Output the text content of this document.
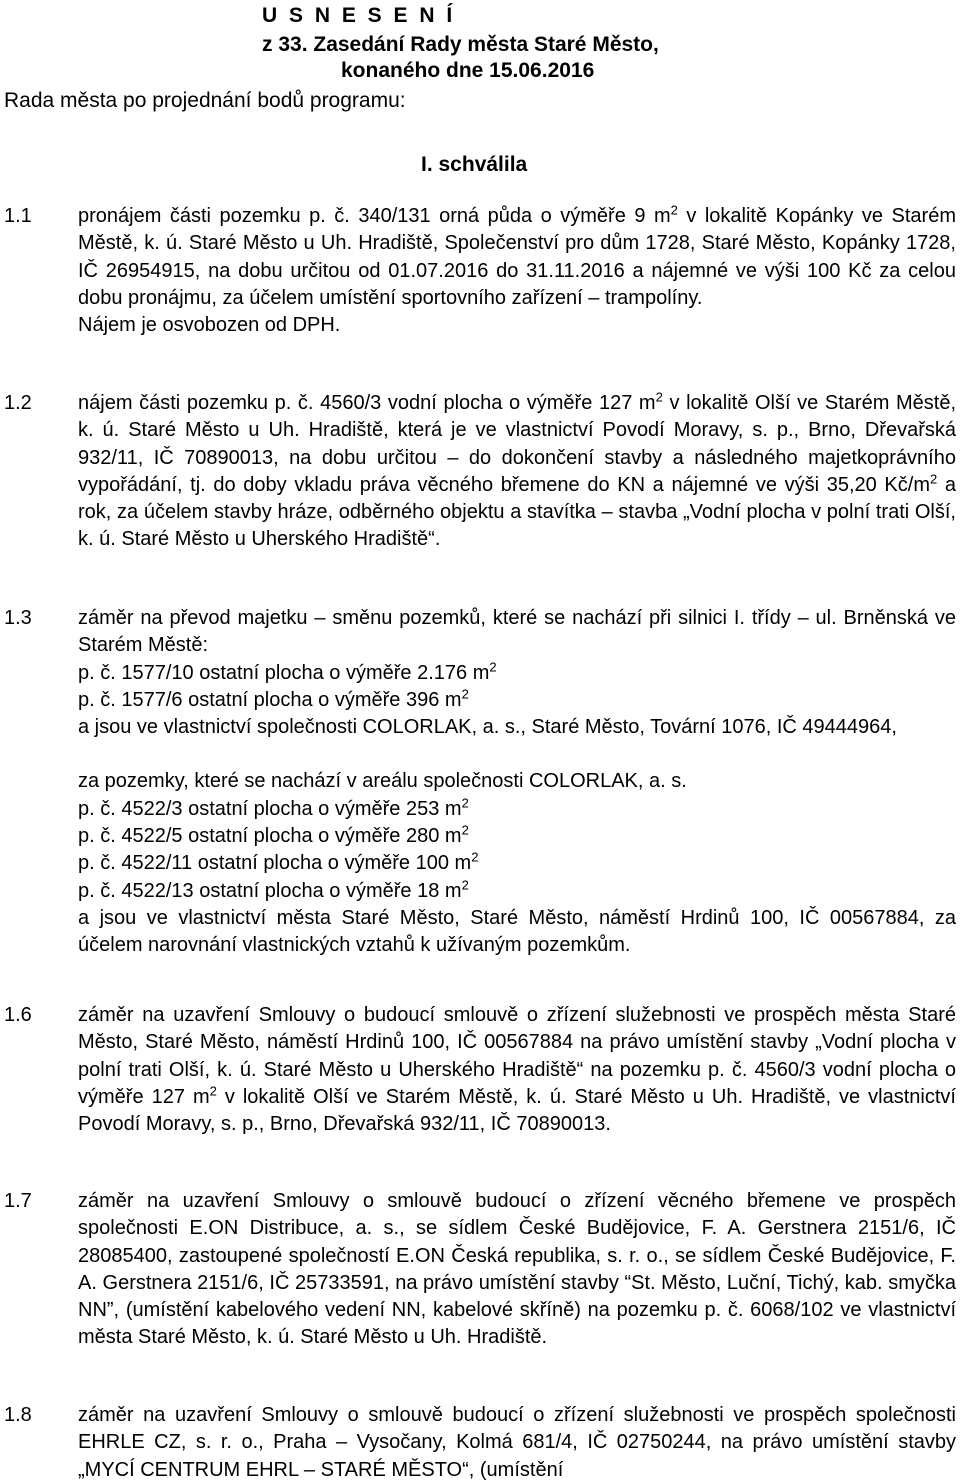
U S N E S E N Í
z 33. Zasedání Rady města Staré Město,
konaného dne 15.06.2016
Rada města po projednání bodů programu:
I. schválila
1.1 pronájem části pozemku p. č. 340/131 orná půda o výměře 9 $m^2$ v lokalitě Kopánky ve Starém Městě, k. ú. Staré Město u Uh. Hradiště, Společenství pro dům 1728, Staré Město, Kopánky 1728, IČ 26954915, na dobu určitou od 01.07.2016 do 31.11.2016 a nájemné ve výši 100 Kč za celou dobu pronájmu, za účelem umístění sportovního zařízení – trampolíny.
Nájem je osvobozen od DPH.
1.2 nájem části pozemku p. č. 4560/3 vodní plocha o výměře 127 $m^2$ v lokalitě Olší ve Starém Městě, k. ú. Staré Město u Uh. Hradiště, která je ve vlastnictví Povodí Moravy, s. p., Brno, Dřevařská 932/11, IČ 70890013, na dobu určitou – do dokončení stavby a následného majetkoprávního vypořádání, tj. do doby vkladu práva věcného břemene do KN a nájemné ve výši 35,20 $Kč/m^2$ a rok, za účelem stavby hráze, odběrného objektu a stavítka – stavba „Vodní plocha v polní trati Olší, k. ú. Staré Město u Uherského Hradiště“.
1.3 záměr na převod majetku – směnu pozemků, které se nachází při silnici I. třídy – ul. Brněnská ve Starém Městě:
p. č. 1577/10 ostatní plocha o výměře 2.176 $m^2$
p. č. 1577/6 ostatní plocha o výměře 396 $m^2$
a jsou ve vlastnictví společnosti COLORLAK, a. s., Staré Město, Tovární 1076, IČ 49444964,
za pozemky, které se nachází v areálu společnosti COLORLAK, a. s.
p. č. 4522/3 ostatní plocha o výměře 253 $m^2$
p. č. 4522/5 ostatní plocha o výměře 280 $m^2$
p. č. 4522/11 ostatní plocha o výměře 100 $m^2$
p. č. 4522/13 ostatní plocha o výměře 18 $m^2$
a jsou ve vlastnictví města Staré Město, Staré Město, náměstí Hrdinů 100, IČ 00567884, za účelem narovnání vlastnických vztahů k užívaným pozemkům.
1.6 záměr na uzavření Smlouvy o budoucí smlouvě o zřízení služebnosti ve prospěch města Staré Město, Staré Město, náměstí Hrdinů 100, IČ 00567884 na právo umístění stavby „Vodní plocha v polní trati Olší, k. ú. Staré Město u Uherského Hradiště“ na pozemku p. č. 4560/3 vodní plocha o výměře 127 $m^2$ v lokalitě Olší ve Starém Městě, k. ú. Staré Město u Uh. Hradiště, ve vlastnictví Povodí Moravy, s. p., Brno, Dřevařská 932/11, IČ 70890013.
1.7 záměr na uzavření Smlouvy o smlouvě budoucí o zřízení věcného břemene ve prospěch společnosti E.ON Distribuce, a. s., se sídlem České Budějovice, F. A. Gerstnera 2151/6, IČ 28085400, zastoupené společností E.ON Česká republika, s. r. o., se sídlem České Budějovice, F. A. Gerstnera 2151/6, IČ 25733591, na právo umístění stavby “St. Město, Luční, Tichý, kab. smyčka NN”, (umístění kabelového vedení NN, kabelové skříně) na pozemku p. č. 6068/102 ve vlastnictví města Staré Město, k. ú. Staré Město u Uh. Hradiště.
1.8 záměr na uzavření Smlouvy o smlouvě budoucí o zřízení služebnosti ve prospěch společnosti EHRLE CZ, s. r. o., Praha – Vysočany, Kolmá 681/4, IČ 02750244, na právo umístění stavby „MYCÍ CENTRUM EHRL – STARÉ MĚSTO“, (umístění
